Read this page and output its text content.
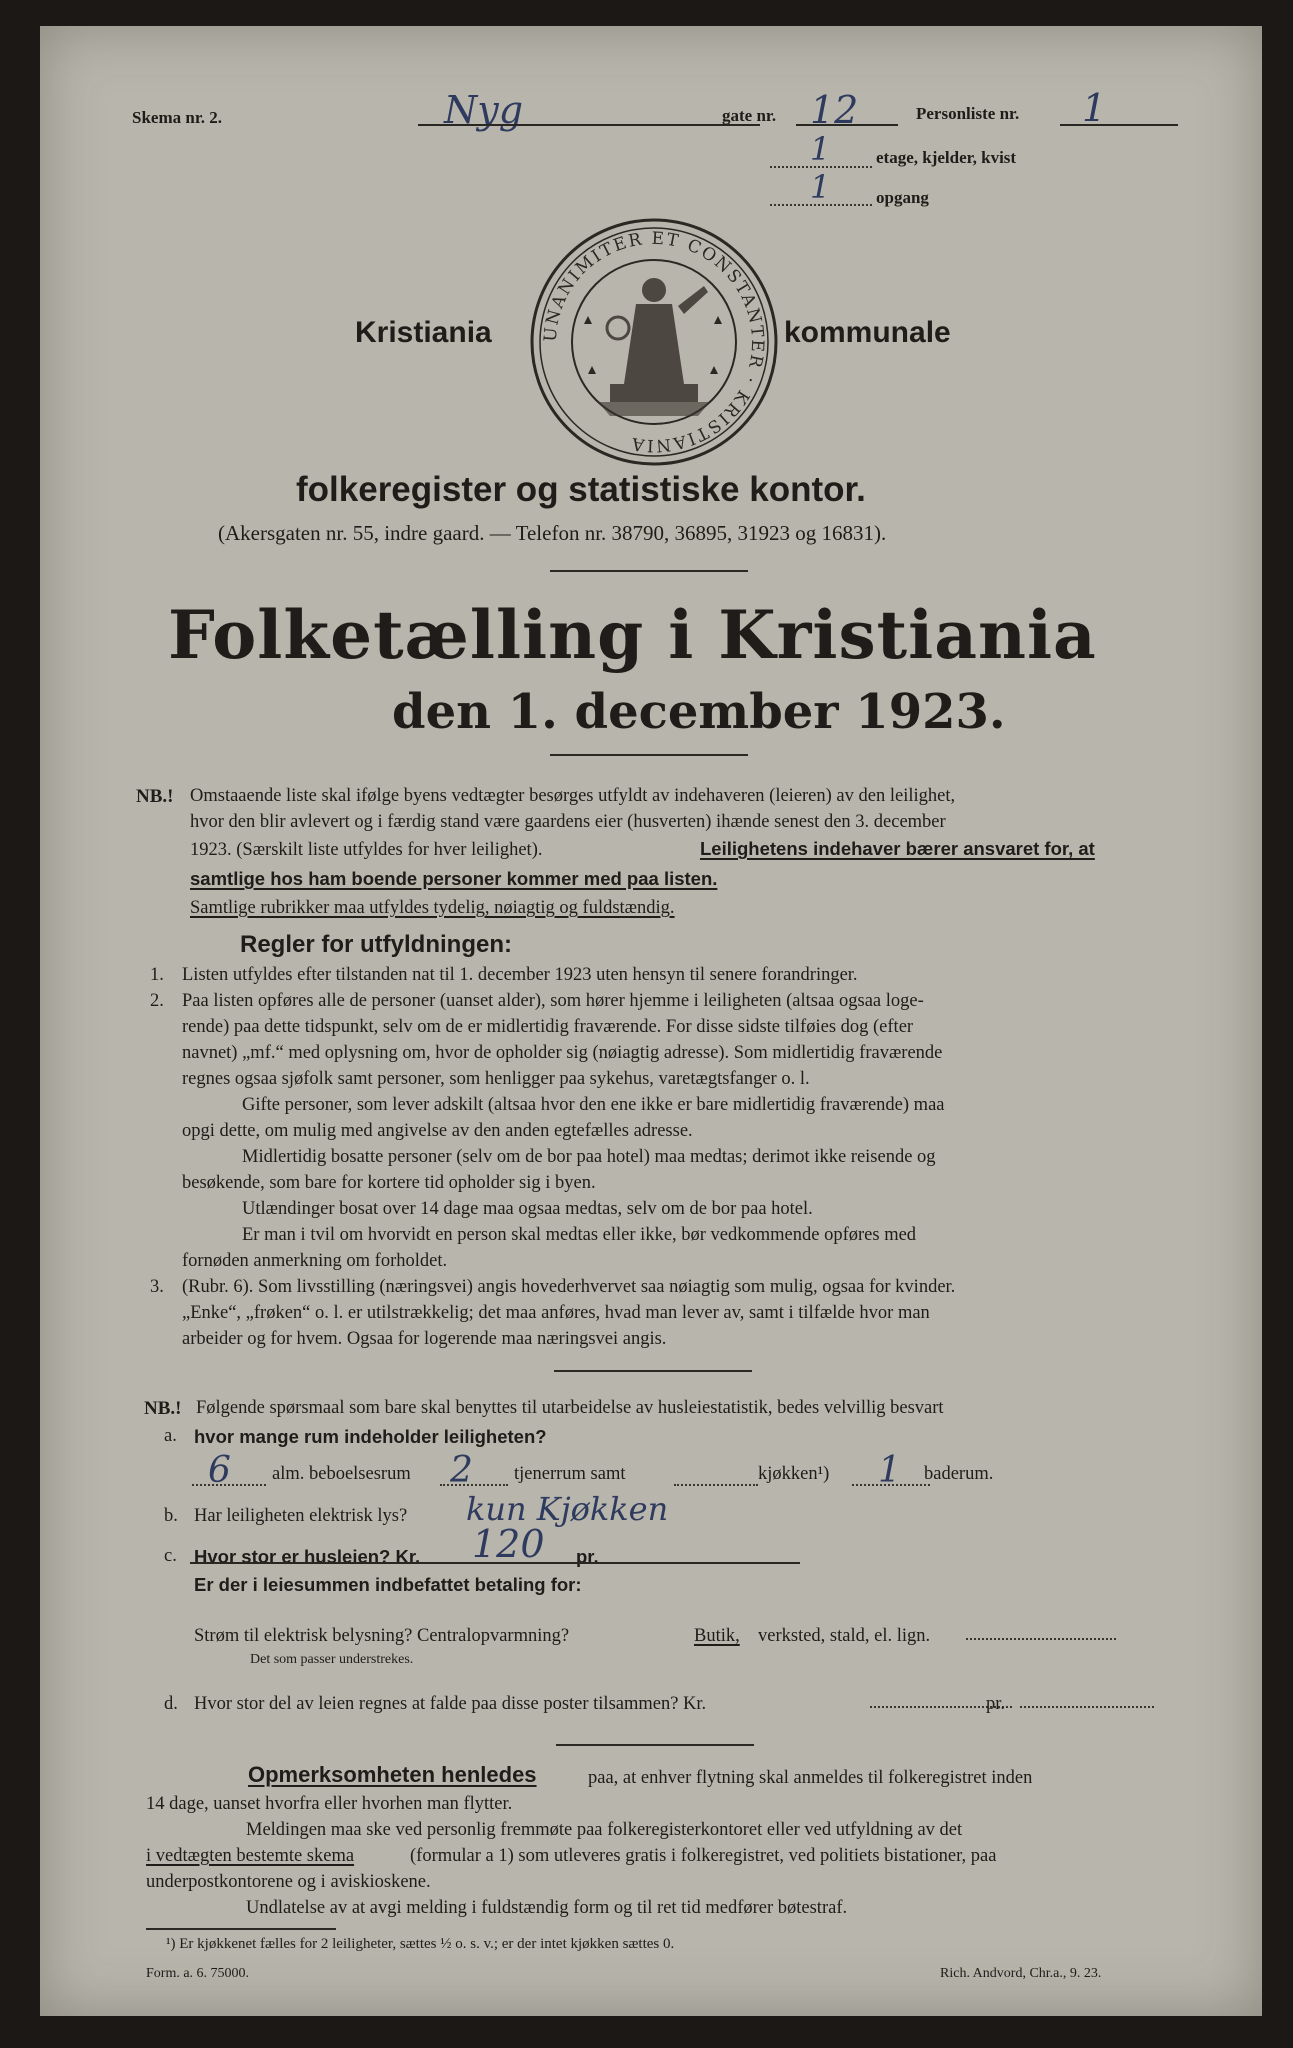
Skema nr. 2.	Nyg	gate nr. 12	Personliste nr. 1
1	etage, kjelder, kvist
1	opgang
UNANIMITER ET CONSTANTER · KRISTIANIA
Kristiania	kommunale
folkeregister og statistiske kontor.
(Akersgaten nr. 55, indre gaard. — Telefon nr. 38790, 36895, 31923 og 16831).
Folketælling i Kristiania
den 1. december 1923.
NB.! Omstaaende liste skal ifølge byens vedtægter besørges utfyldt av indehaveren (leieren) av den leilighet,
hvor den blir avlevert og i færdig stand være gaardens eier (husverten) ihænde senest den 3. december
1923. (Særskilt liste utfyldes for hver leilighet).	Leilighetens indehaver bærer ansvaret for, at
samtlige hos ham boende personer kommer med paa listen.
Samtlige rubrikker maa utfyldes tydelig, nøiagtig og fuldstændig.
Regler for utfyldningen:
1. Listen utfyldes efter tilstanden nat til 1. december 1923 uten hensyn til senere forandringer.
2. Paa listen opføres alle de personer (uanset alder), som hører hjemme i leiligheten (altsaa ogsaa loge-
rende) paa dette tidspunkt, selv om de er midlertidig fraværende. For disse sidste tilføies dog (efter
navnet) „mf.“ med oplysning om, hvor de opholder sig (nøiagtig adresse). Som midlertidig fraværende
regnes ogsaa sjøfolk samt personer, som henligger paa sykehus, varetægtsfanger o. l.
Gifte personer, som lever adskilt (altsaa hvor den ene ikke er bare midlertidig fraværende) maa
opgi dette, om mulig med angivelse av den anden egtefælles adresse.
Midlertidig bosatte personer (selv om de bor paa hotel) maa medtas; derimot ikke reisende og
besøkende, som bare for kortere tid opholder sig i byen.
Utlændinger bosat over 14 dage maa ogsaa medtas, selv om de bor paa hotel.
Er man i tvil om hvorvidt en person skal medtas eller ikke, bør vedkommende opføres med
fornøden anmerkning om forholdet.
3. (Rubr. 6). Som livsstilling (næringsvei) angis hovederhvervet saa nøiagtig som mulig, ogsaa for kvinder.
„Enke“, „frøken“ o. l. er utilstrækkelig; det maa anføres, hvad man lever av, samt i tilfælde hvor man
arbeider og for hvem. Ogsaa for logerende maa næringsvei angis.
NB.! Følgende spørsmaal som bare skal benyttes til utarbeidelse av husleiestatistik, bedes velvillig besvart
a. hvor mange rum indeholder leiligheten?
6 alm. beboelsesrum 2 tjenerrum samt	kjøkken¹) 1 baderum.
b. Har leiligheten elektrisk lys? kun Kjøkken
c. Hvor stor er husleien? Kr. 120 pr.
Er der i leiesummen indbefattet betaling for:
Strøm til elektrisk belysning? Centralopvarmning?	Butik, verksted, stald, el. lign.
Det som passer understrekes.
d. Hvor stor del av leien regnes at falde paa disse poster tilsammen? Kr.	pr.
Opmerksomheten henledes	paa, at enhver flytning skal anmeldes til folkeregistret inden
14 dage, uanset hvorfra eller hvorhen man flytter.
Meldingen maa ske ved personlig fremmøte paa folkeregisterkontoret eller ved utfyldning av det
i vedtægten bestemte skema	(formular a 1) som utleveres gratis i folkeregistret, ved politiets bistationer, paa
underpostkontorene og i aviskioskene.
Undlatelse av at avgi melding i fuldstændig form og til ret tid medfører bøtestraf.
¹) Er kjøkkenet fælles for 2 leiligheter, sættes ½ o. s. v.; er der intet kjøkken sættes 0.
Form. a. 6. 75000.	Rich. Andvord, Chr.a., 9. 23.
